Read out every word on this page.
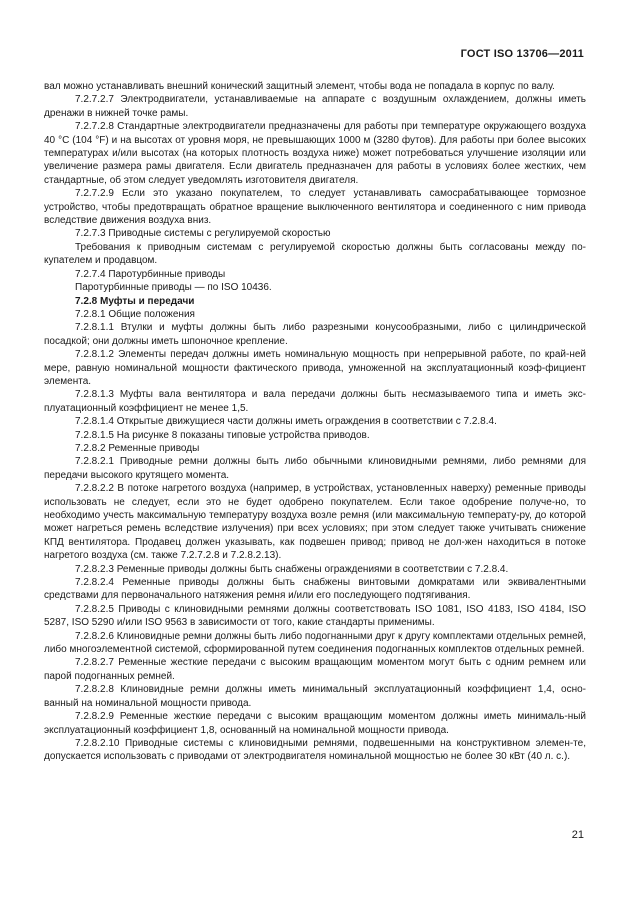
ГОСТ ISO 13706—2011

вал можно устанавливать внешний конический защитный элемент, чтобы вода не попадала в корпус по валу.

7.2.7.2.7 Электродвигатели, устанавливаемые на аппарате с воздушным охлаждением, должны иметь дренажи в нижней точке рамы.

7.2.7.2.8 Стандартные электродвигатели предназначены для работы при температуре окружающего воздуха 40 °С (104 °F) и на высотах от уровня моря, не превышающих 1000 м (3280 футов). Для работы при более высоких температурах и/или высотах (на которых плотность воздуха ниже) может потребоваться улучшение изоляции или увеличение размера рамы двигателя. Если двигатель предназначен для работы в условиях более жестких, чем стандартные, об этом следует уведомлять изготовителя двигателя.

7.2.7.2.9 Если это указано покупателем, то следует устанавливать самосрабатывающее тормозное устройство, чтобы предотвращать обратное вращение выключенного вентилятора и соединенного с ним привода вследствие движения воздуха вниз.

7.2.7.3 Приводные системы с регулируемой скоростью

Требования к приводным системам с регулируемой скоростью должны быть согласованы между по-купателем и продавцом.

7.2.7.4 Паротурбинные приводы

Паротурбинные приводы — по ISO 10436.

7.2.8 Муфты и передачи

7.2.8.1 Общие положения

7.2.8.1.1 Втулки и муфты должны быть либо разрезными конусообразными, либо с цилиндрической посадкой; они должны иметь шпоночное крепление.

7.2.8.1.2 Элементы передач должны иметь номинальную мощность при непрерывной работе, по край-ней мере, равную номинальной мощности фактического привода, умноженной на эксплуатационный коэф-фициент элемента.

7.2.8.1.3 Муфты вала вентилятора и вала передачи должны быть несмазываемого типа и иметь экс-плуатационный коэффициент не менее 1,5.

7.2.8.1.4 Открытые движущиеся части должны иметь ограждения в соответствии с 7.2.8.4.

7.2.8.1.5 На рисунке 8 показаны типовые устройства приводов.

7.2.8.2 Ременные приводы

7.2.8.2.1 Приводные ремни должны быть либо обычными клиновидными ремнями, либо ремнями для передачи высокого крутящего момента.

7.2.8.2.2 В потоке нагретого воздуха (например, в устройствах, установленных наверху) ременные приводы использовать не следует, если это не будет одобрено покупателем. Если такое одобрение получе-но, то необходимо учесть максимальную температуру воздуха возле ремня (или максимальную температу-ру, до которой может нагреться ремень вследствие излучения) при всех условиях; при этом следует также учитывать снижение КПД вентилятора. Продавец должен указывать, как подвешен привод; привод не дол-жен находиться в потоке нагретого воздуха (см. также 7.2.7.2.8 и 7.2.8.2.13).

7.2.8.2.3 Ременные приводы должны быть снабжены ограждениями в соответствии с 7.2.8.4.

7.2.8.2.4 Ременные приводы должны быть снабжены винтовыми домкратами или эквивалентными средствами для первоначального натяжения ремня и/или его последующего подтягивания.

7.2.8.2.5 Приводы с клиновидными ремнями должны соответствовать ISO 1081, ISO 4183, ISO 4184, ISO 5287, ISO 5290 и/или ISO 9563 в зависимости от того, какие стандарты применимы.

7.2.8.2.6 Клиновидные ремни должны быть либо подогнанными друг к другу комплектами отдельных ремней, либо многоэлементной системой, сформированной путем соединения подогнанных комплектов отдельных ремней.

7.2.8.2.7 Ременные жесткие передачи с высоким вращающим моментом могут быть с одним ремнем или парой подогнанных ремней.

7.2.8.2.8 Клиновидные ремни должны иметь минимальный эксплуатационный коэффициент 1,4, осно-ванный на номинальной мощности привода.

7.2.8.2.9 Ременные жесткие передачи с высоким вращающим моментом должны иметь минималь-ный эксплуатационный коэффициент 1,8, основанный на номинальной мощности привода.

7.2.8.2.10 Приводные системы с клиновидными ремнями, подвешенными на конструктивном элемен-те, допускается использовать с приводами от электродвигателя номинальной мощностью не более 30 кВт (40 л. с.).

21
